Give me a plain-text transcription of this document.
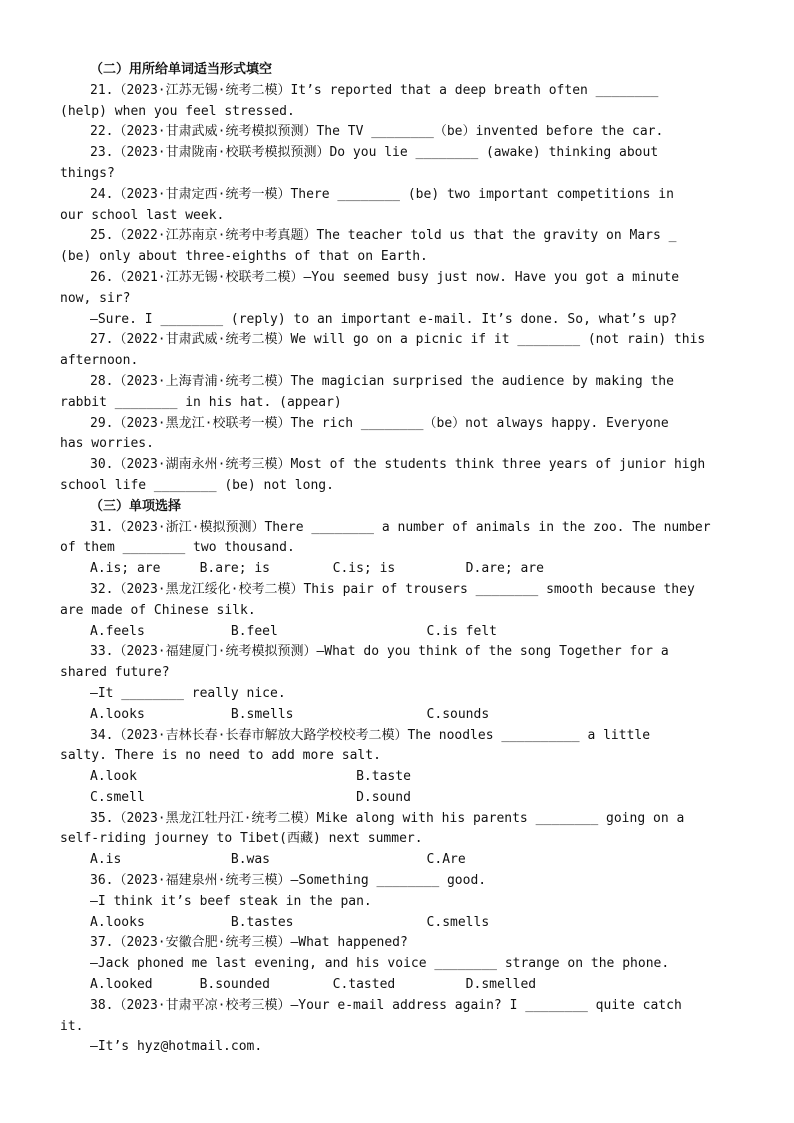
（二）用所给单词适当形式填空
21.（2023·江苏无锡·统考二模）It’s reported that a deep breath often ________
(help) when you feel stressed.
22.（2023·甘肃武威·统考模拟预测）The TV ________（be）invented before the car.
23.（2023·甘肃陇南·校联考模拟预测）Do you lie ________ (awake) thinking about
things?
24.（2023·甘肃定西·统考一模）There ________ (be) two important competitions in
our school last week.
25.（2022·江苏南京·统考中考真题）The teacher told us that the gravity on Mars _
(be) only about three-eighths of that on Earth.
26.（2021·江苏无锡·校联考二模）—You seemed busy just now. Have you got a minute
now, sir?
—Sure. I ________ (reply) to an important e-mail. It’s done. So, what’s up?
27.（2022·甘肃武威·统考二模）We will go on a picnic if it ________ (not rain) this
afternoon.
28.（2023·上海青浦·统考二模）The magician surprised the audience by making the
rabbit ________ in his hat. (appear)
29.（2023·黑龙江·校联考一模）The rich ________（be）not always happy. Everyone
has worries.
30.（2023·湖南永州·统考三模）Most of the students think three years of junior high
school life ________ (be) not long.
（三）单项选择
31.（2023·浙江·模拟预测）There ________ a number of animals in the zoo. The number
of them ________ two thousand.
A.is; are     B.are; is        C.is; is         D.are; are
32.（2023·黑龙江绥化·校考二模）This pair of trousers ________ smooth because they
are made of Chinese silk.
A.feels           B.feel                   C.is felt
33.（2023·福建厦门·统考模拟预测）—What do you think of the song Together for a
shared future?
—It ________ really nice.
A.looks           B.smells                 C.sounds
34.（2023·吉林长春·长春市解放大路学校校考二模）The noodles __________ a little
salty. There is no need to add more salt.
A.look                            B.taste
C.smell                           D.sound
35.（2023·黑龙江牡丹江·统考二模）Mike along with his parents ________ going on a
self-riding journey to Tibet(西藏) next summer.
A.is              B.was                    C.Are
36.（2023·福建泉州·统考三模）—Something ________ good.
—I think it’s beef steak in the pan.
A.looks           B.tastes                 C.smells
37.（2023·安徽合肥·统考三模）—What happened?
—Jack phoned me last evening, and his voice ________ strange on the phone.
A.looked      B.sounded        C.tasted         D.smelled
38.（2023·甘肃平凉·校考三模）—Your e-mail address again? I ________ quite catch
it.
—It’s hyz@hotmail.com.
